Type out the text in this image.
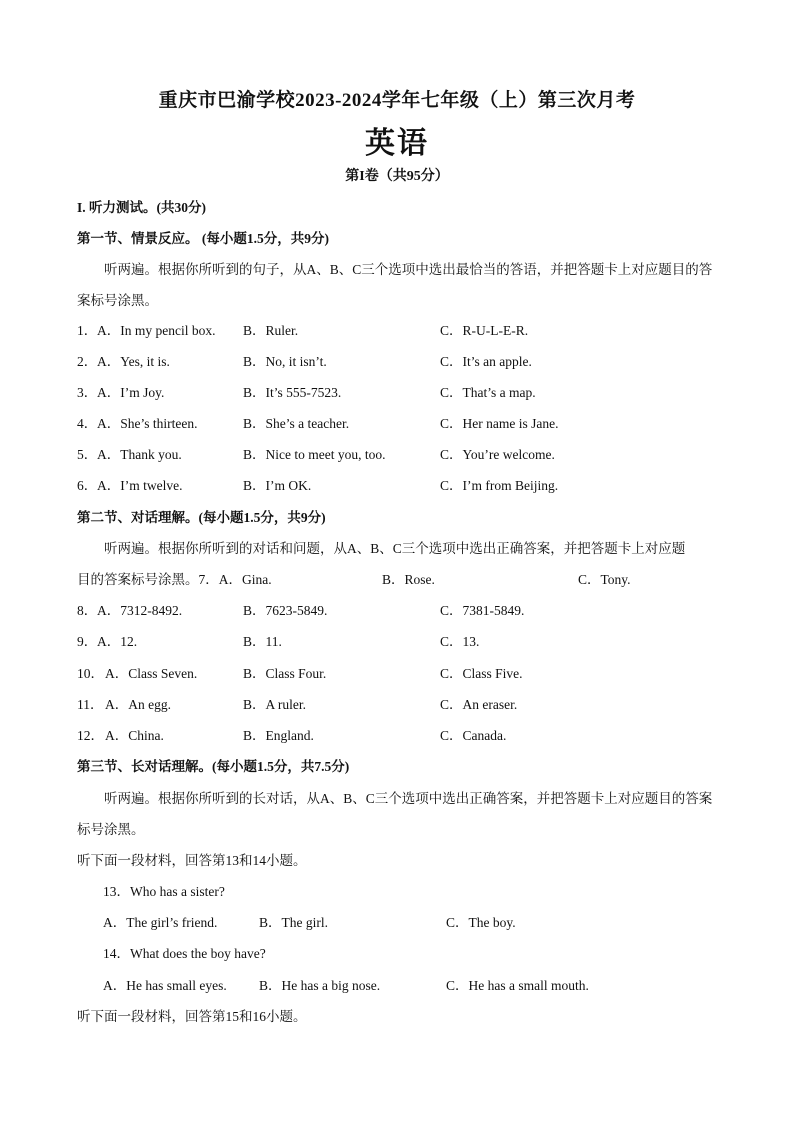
重庆市巴渝学校2023-2024学年七年级（上）第三次月考
英语
第I卷（共95分）
I. 听力测试。(共30分)
第一节、情景反应。 (每小题1.5分，共9分)
听两遍。根据你所听到的句子，从A、B、C三个选项中选出最恰当的答语，并把答题卡上对应题目的答案标号涂黑。
1． A．In my pencil box. B．Ruler.	C．R-U-L-E-R.
2． A．Yes, it is.	B．No, it isn’t.	C．It’s an apple.
3． A．I’m Joy.	B．It’s 555-7523.	C．That’s a map.
4． A．She’s thirteen.	B．She’s a teacher.	C．Her name is Jane.
5． A．Thank you.	B．Nice to meet you, too.	C．You’re welcome.
6． A．I’m twelve.	B．I’m OK.	C．I’m from Beijing.
第二节、对话理解。(每小题1.5分，共9分)
听两遍。根据你所听到的对话和问题，从A、B、C三个选项中选出正确答案，并把答题卡上对应题
目的答案标号涂黑。7．A．Gina.	B．Rose.	C．Tony.
8． A．7312-8492.	B．7623-5849.	C．7381-5849.
9． A．12.	B．11.	C．13.
10． A．Class Seven.	B．Class Four.	C．Class Five.
11． A．An egg.	B．A ruler.	C．An eraser.
12． A．China.	B．England.	C．Canada.
第三节、长对话理解。(每小题1.5分，共7.5分)
听两遍。根据你所听到的长对话，从A、B、C三个选项中选出正确答案，并把答题卡上对应题目的答案标号涂黑。
听下面一段材料，回答第13和14小题。
13．Who has a sister?
A．The girl’s friend.	B．The girl.	C．The boy.
14．What does the boy have?
A．He has small eyes. B．He has a big nose.	C．He has a small mouth.
听下面一段材料，回答第15和16小题。
